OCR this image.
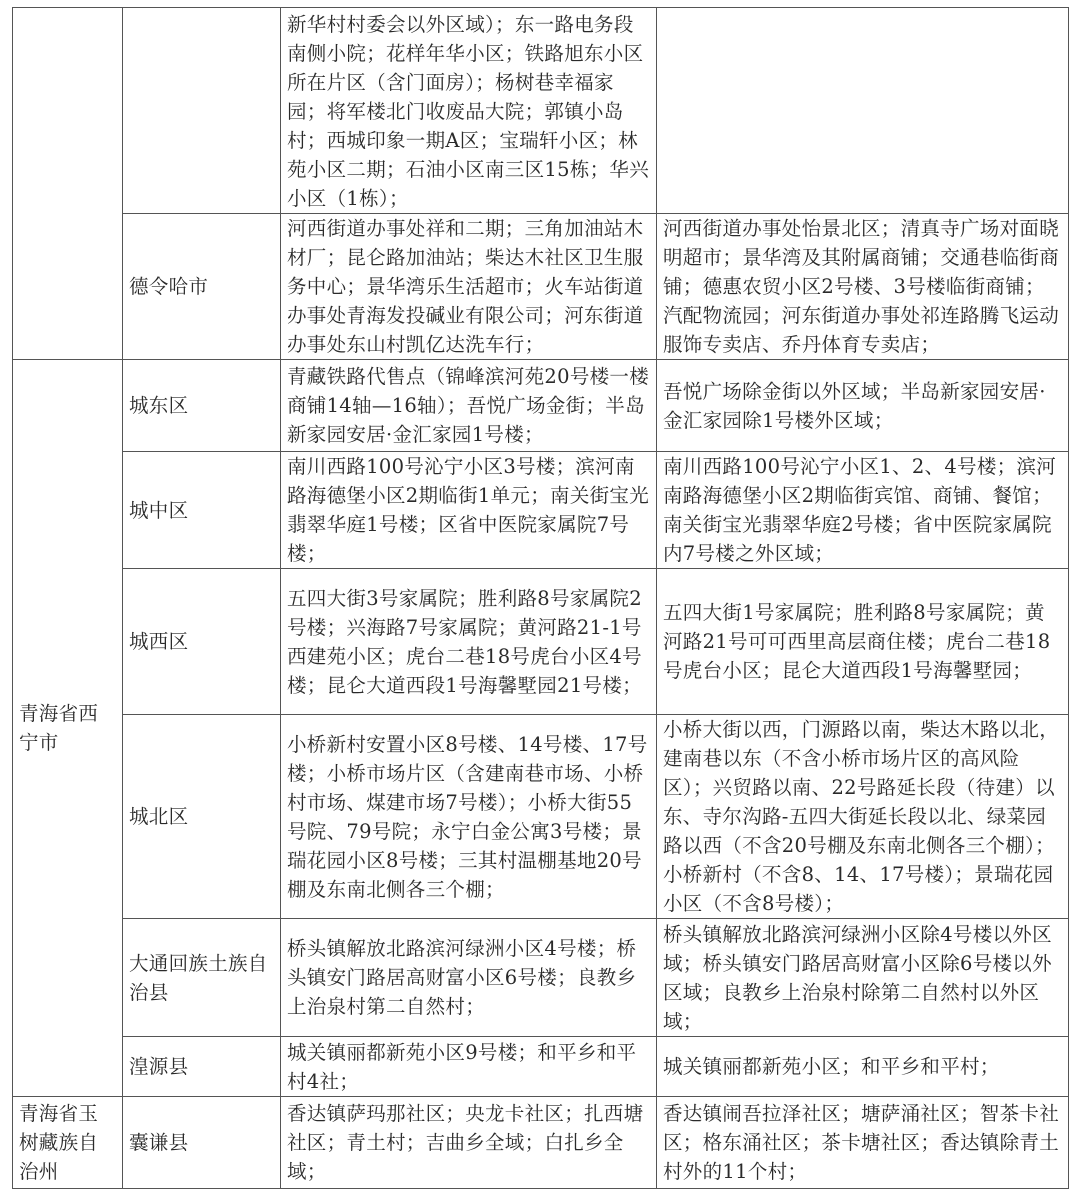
		新华村村委会以外区域）；东一路电务段南侧小院；花样年华小区；铁路旭东小区所在片区（含门面房）；杨树巷幸福家园；将军楼北门收废品大院；郭镇小岛村；西城印象一期A区；宝瑞轩小区；林苑小区二期；石油小区南三区15栋；华兴小区（1栋）；	
	德令哈市	河西街道办事处祥和二期；三角加油站木材厂；昆仑路加油站；柴达木社区卫生服务中心；景华湾乐生活超市；火车站街道办事处青海发投碱业有限公司；河东街道办事处东山村凯亿达洗车行；	河西街道办事处怡景北区；清真寺广场对面晓明超市；景华湾及其附属商铺；交通巷临街商铺；德惠农贸小区2号楼、3号楼临街商铺；汽配物流园；河东街道办事处祁连路腾飞运动服饰专卖店、乔丹体育专卖店；
青海省西宁市	城东区	青藏铁路代售点（锦峰滨河苑20号楼一楼商铺14轴—16轴）；吾悦广场金街；半岛新家园安居·金汇家园1号楼；	吾悦广场除金街以外区域；半岛新家园安居·金汇家园除1号楼外区域；
	城中区	南川西路100号沁宁小区3号楼；滨河南路海德堡小区2期临街1单元；南关街宝光翡翠华庭1号楼；区省中医院家属院7号楼；	南川西路100号沁宁小区1、2、4号楼；滨河南路海德堡小区2期临街宾馆、商铺、餐馆；南关街宝光翡翠华庭2号楼；省中医院家属院内7号楼之外区域；
	城西区	五四大街3号家属院；胜利路8号家属院2号楼；兴海路7号家属院；黄河路21-1号西建苑小区；虎台二巷18号虎台小区4号楼；昆仑大道西段1号海馨墅园21号楼；	五四大街1号家属院；胜利路8号家属院；黄河路21号可可西里高层商住楼；虎台二巷18号虎台小区；昆仑大道西段1号海馨墅园；
	城北区	小桥新村安置小区8号楼、14号楼、17号楼；小桥市场片区（含建南巷市场、小桥村市场、煤建市场7号楼）；小桥大街55号院、79号院；永宁白金公寓3号楼；景瑞花园小区8号楼；三其村温棚基地20号棚及东南北侧各三个棚；	小桥大街以西，门源路以南，柴达木路以北，建南巷以东（不含小桥市场片区的高风险区）；兴贸路以南、22号路延长段（待建）以东、寺尔沟路-五四大街延长段以北、绿菜园路以西（不含20号棚及东南北侧各三个棚）；小桥新村（不含8、14、17号楼）；景瑞花园小区（不含8号楼）；
	大通回族土族自治县	桥头镇解放北路滨河绿洲小区4号楼；桥头镇安门路居高财富小区6号楼；良教乡上治泉村第二自然村；	桥头镇解放北路滨河绿洲小区除4号楼以外区域；桥头镇安门路居高财富小区除6号楼以外区域；良教乡上治泉村除第二自然村以外区域；
	湟源县	城关镇丽都新苑小区9号楼；和平乡和平村4社；	城关镇丽都新苑小区；和平乡和平村；
青海省玉树藏族自治州	囊谦县	香达镇萨玛那社区；央龙卡社区；扎西塘社区；青土村；吉曲乡全域；白扎乡全域；	香达镇闹吾拉泽社区；塘萨涌社区；智茶卡社区；格东涌社区；茶卡塘社区；香达镇除青土村外的11个村；
